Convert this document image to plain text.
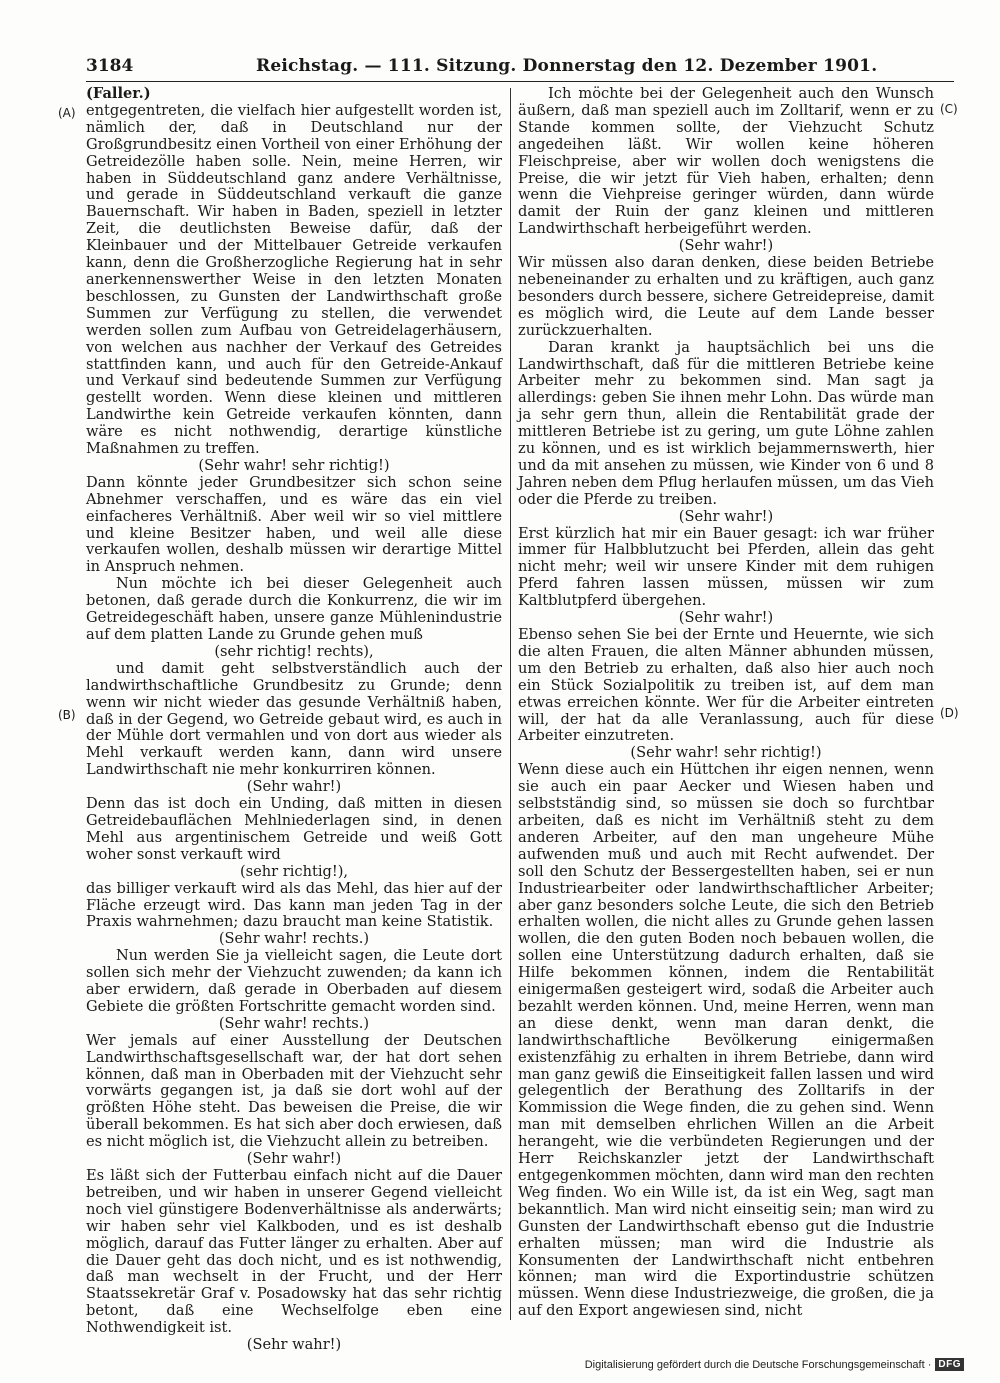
3184	Reichstag. — 111. Sitzung. Donnerstag den 12. Dezember 1901.
(A)
(B)
(C)
(D)

(Faller.)

entgegentreten, die vielfach hier aufgestellt worden ist, nämlich der, daß in Deutschland nur der Großgrundbesitz einen Vortheil von einer Erhöhung der Getreidezölle haben solle. Nein, meine Herren, wir haben in Süddeutschland ganz andere Verhältnisse, und gerade in Süddeutschland verkauft die ganze Bauernschaft. Wir haben in Baden, speziell in letzter Zeit, die deutlichsten Beweise dafür, daß der Kleinbauer und der Mittelbauer Getreide verkaufen kann, denn die Großherzogliche Regierung hat in sehr anerkennenswerther Weise in den letzten Monaten beschlossen, zu Gunsten der Landwirthschaft große Summen zur Verfügung zu stellen, die verwendet werden sollen zum Aufbau von Getreidelagerhäusern, von welchen aus nachher der Verkauf des Getreides stattfinden kann, und auch für den Getreide-Ankauf und Verkauf sind bedeutende Summen zur Verfügung gestellt worden. Wenn diese kleinen und mittleren Landwirthe kein Getreide verkaufen könnten, dann wäre es nicht nothwendig, derartige künstliche Maßnahmen zu treffen.

(Sehr wahr! sehr richtig!)

Dann könnte jeder Grundbesitzer sich schon seine Abnehmer verschaffen, und es wäre das ein viel einfacheres Verhältniß. Aber weil wir so viel mittlere und kleine Besitzer haben, und weil alle diese verkaufen wollen, deshalb müssen wir derartige Mittel in Anspruch nehmen.

Nun möchte ich bei dieser Gelegenheit auch betonen, daß gerade durch die Konkurrenz, die wir im Getreidegeschäft haben, unsere ganze Mühlenindustrie auf dem platten Lande zu Grunde gehen muß

(sehr richtig! rechts),

und damit geht selbstverständlich auch der landwirthschaftliche Grundbesitz zu Grunde; denn wenn wir nicht wieder das gesunde Verhältniß haben, daß in der Gegend, wo Getreide gebaut wird, es auch in der Mühle dort vermahlen und von dort aus wieder als Mehl verkauft werden kann, dann wird unsere Landwirthschaft nie mehr konkurriren können.

(Sehr wahr!)

Denn das ist doch ein Unding, daß mitten in diesen Getreidebauflächen Mehlniederlagen sind, in denen Mehl aus argentinischem Getreide und weiß Gott woher sonst verkauft wird

(sehr richtig!),

das billiger verkauft wird als das Mehl, das hier auf der Fläche erzeugt wird. Das kann man jeden Tag in der Praxis wahrnehmen; dazu braucht man keine Statistik.

(Sehr wahr! rechts.)

Nun werden Sie ja vielleicht sagen, die Leute dort sollen sich mehr der Viehzucht zuwenden; da kann ich aber erwidern, daß gerade in Oberbaden auf diesem Gebiete die größten Fortschritte gemacht worden sind.

(Sehr wahr! rechts.)

Wer jemals auf einer Ausstellung der Deutschen Landwirthschaftsgesellschaft war, der hat dort sehen können, daß man in Oberbaden mit der Viehzucht sehr vorwärts gegangen ist, ja daß sie dort wohl auf der größten Höhe steht. Das beweisen die Preise, die wir überall bekommen. Es hat sich aber doch erwiesen, daß es nicht möglich ist, die Viehzucht allein zu betreiben.

(Sehr wahr!)

Es läßt sich der Futterbau einfach nicht auf die Dauer betreiben, und wir haben in unserer Gegend vielleicht noch viel günstigere Bodenverhältnisse als anderwärts; wir haben sehr viel Kalkboden, und es ist deshalb möglich, darauf das Futter länger zu erhalten. Aber auf die Dauer geht das doch nicht, und es ist nothwendig, daß man wechselt in der Frucht, und der Herr Staatssekretär Graf v. Posadowsky hat das sehr richtig betont, daß eine Wechselfolge eben eine Nothwendigkeit ist.

(Sehr wahr!)

Ich möchte bei der Gelegenheit auch den Wunsch äußern, daß man speziell auch im Zolltarif, wenn er zu Stande kommen sollte, der Viehzucht Schutz angedeihen läßt. Wir wollen keine höheren Fleischpreise, aber wir wollen doch wenigstens die Preise, die wir jetzt für Vieh haben, erhalten; denn wenn die Viehpreise geringer würden, dann würde damit der Ruin der ganz kleinen und mittleren Landwirthschaft herbeigeführt werden.

(Sehr wahr!)

Wir müssen also daran denken, diese beiden Betriebe nebeneinander zu erhalten und zu kräftigen, auch ganz besonders durch bessere, sichere Getreidepreise, damit es möglich wird, die Leute auf dem Lande besser zurückzuerhalten.

Daran krankt ja hauptsächlich bei uns die Landwirthschaft, daß für die mittleren Betriebe keine Arbeiter mehr zu bekommen sind. Man sagt ja allerdings: geben Sie ihnen mehr Lohn. Das würde man ja sehr gern thun, allein die Rentabilität grade der mittleren Betriebe ist zu gering, um gute Löhne zahlen zu können, und es ist wirklich bejammernswerth, hier und da mit ansehen zu müssen, wie Kinder von 6 und 8 Jahren neben dem Pflug herlaufen müssen, um das Vieh oder die Pferde zu treiben.

(Sehr wahr!)

Erst kürzlich hat mir ein Bauer gesagt: ich war früher immer für Halbblutzucht bei Pferden, allein das geht nicht mehr; weil wir unsere Kinder mit dem ruhigen Pferd fahren lassen müssen, müssen wir zum Kaltblutpferd übergehen.

(Sehr wahr!)

Ebenso sehen Sie bei der Ernte und Heuernte, wie sich die alten Frauen, die alten Männer abhunden müssen, um den Betrieb zu erhalten, daß also hier auch noch ein Stück Sozialpolitik zu treiben ist, auf dem man etwas erreichen könnte. Wer für die Arbeiter eintreten will, der hat da alle Veranlassung, auch für diese Arbeiter einzutreten.

(Sehr wahr! sehr richtig!)

Wenn diese auch ein Hüttchen ihr eigen nennen, wenn sie auch ein paar Aecker und Wiesen haben und selbstständig sind, so müssen sie doch so furchtbar arbeiten, daß es nicht im Verhältniß steht zu dem anderen Arbeiter, auf den man ungeheure Mühe aufwenden muß und auch mit Recht aufwendet. Der soll den Schutz der Bessergestellten haben, sei er nun Industriearbeiter oder landwirthschaftlicher Arbeiter; aber ganz besonders solche Leute, die sich den Betrieb erhalten wollen, die nicht alles zu Grunde gehen lassen wollen, die den guten Boden noch bebauen wollen, die sollen eine Unterstützung dadurch erhalten, daß sie Hilfe bekommen können, indem die Rentabilität einigermaßen gesteigert wird, sodaß die Arbeiter auch bezahlt werden können. Und, meine Herren, wenn man an diese denkt, wenn man daran denkt, die landwirthschaftliche Bevölkerung einigermaßen existenzfähig zu erhalten in ihrem Betriebe, dann wird man ganz gewiß die Einseitigkeit fallen lassen und wird gelegentlich der Berathung des Zolltarifs in der Kommission die Wege finden, die zu gehen sind. Wenn man mit demselben ehrlichen Willen an die Arbeit herangeht, wie die verbündeten Regierungen und der Herr Reichskanzler jetzt der Landwirthschaft entgegenkommen möchten, dann wird man den rechten Weg finden. Wo ein Wille ist, da ist ein Weg, sagt man bekanntlich. Man wird nicht einseitig sein; man wird zu Gunsten der Landwirthschaft ebenso gut die Industrie erhalten müssen; man wird die Industrie als Konsumenten der Landwirthschaft nicht entbehren können; man wird die Exportindustrie schützen müssen. Wenn diese Industriezweige, die großen, die ja auf den Export angewiesen sind, nicht

Digitalisierung gefördert durch die Deutsche Forschungsgemeinschaft · DFG
